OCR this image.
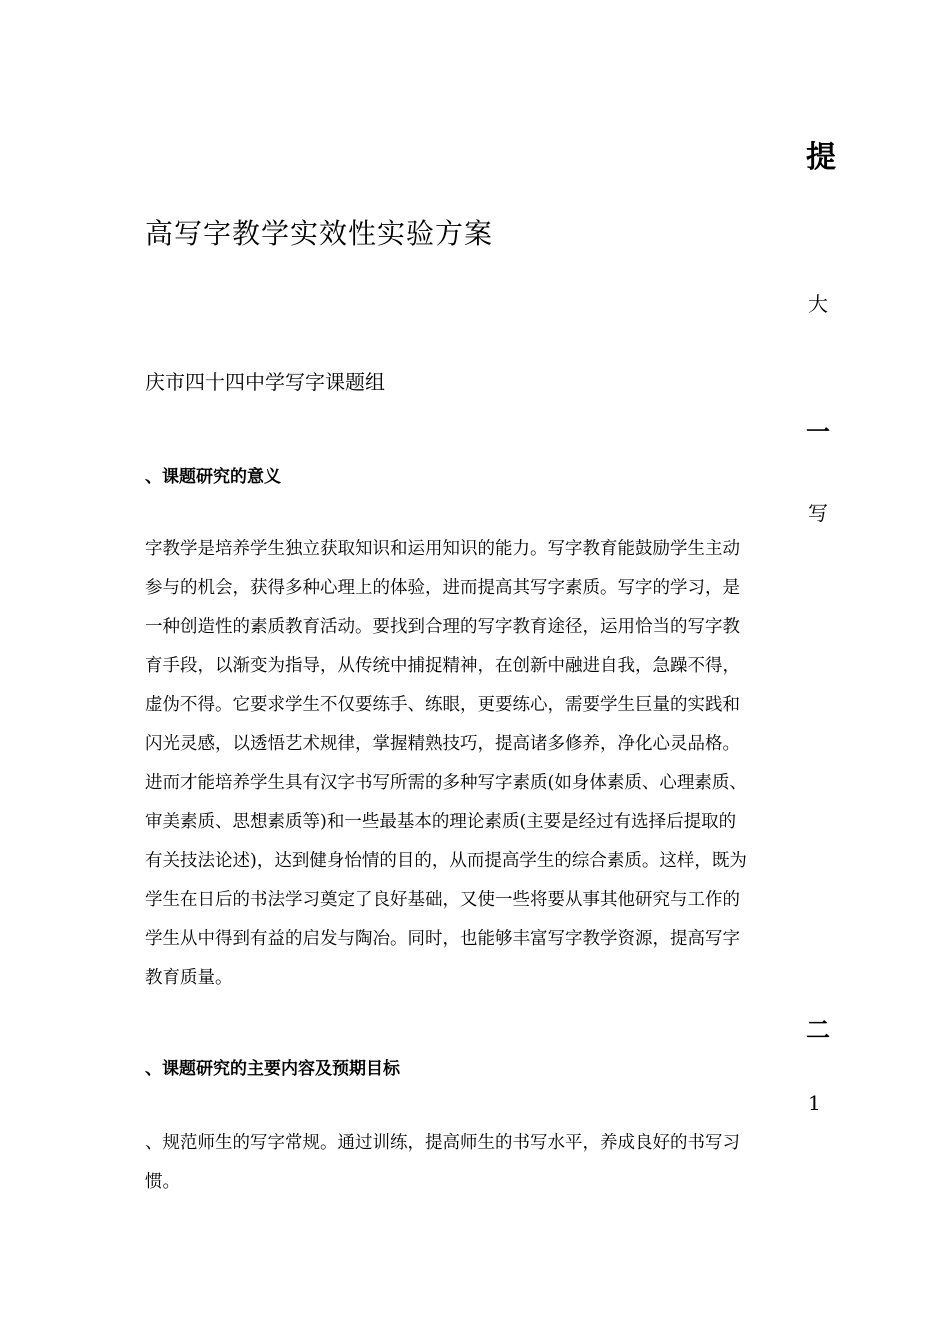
提
高写字教学实效性实验方案
大
庆市四十四中学写字课题组
一
、课题研究的意义
写
字教学是培养学生独立获取知识和运用知识的能力。写字教育能鼓励学生主动
参与的机会，获得多种心理上的体验，进而提高其写字素质。写字的学习，是
一种创造性的素质教育活动。要找到合理的写字教育途径，运用恰当的写字教
育手段，以渐变为指导，从传统中捕捉精神，在创新中融进自我，急躁不得，
虚伪不得。它要求学生不仅要练手、练眼，更要练心，需要学生巨量的实践和
闪光灵感，以透悟艺术规律，掌握精熟技巧，提高诸多修养，净化心灵品格。
进而才能培养学生具有汉字书写所需的多种写字素质(如身体素质、心理素质、
审美素质、思想素质等)和一些最基本的理论素质(主要是经过有选择后提取的
有关技法论述)，达到健身怡情的目的，从而提高学生的综合素质。这样，既为
学生在日后的书法学习奠定了良好基础，又使一些将要从事其他研究与工作的
学生从中得到有益的启发与陶冶。同时，也能够丰富写字教学资源，提高写字
教育质量。
二
、课题研究的主要内容及预期目标
1
、规范师生的写字常规。通过训练，提高师生的书写水平，养成良好的书写习
惯。
